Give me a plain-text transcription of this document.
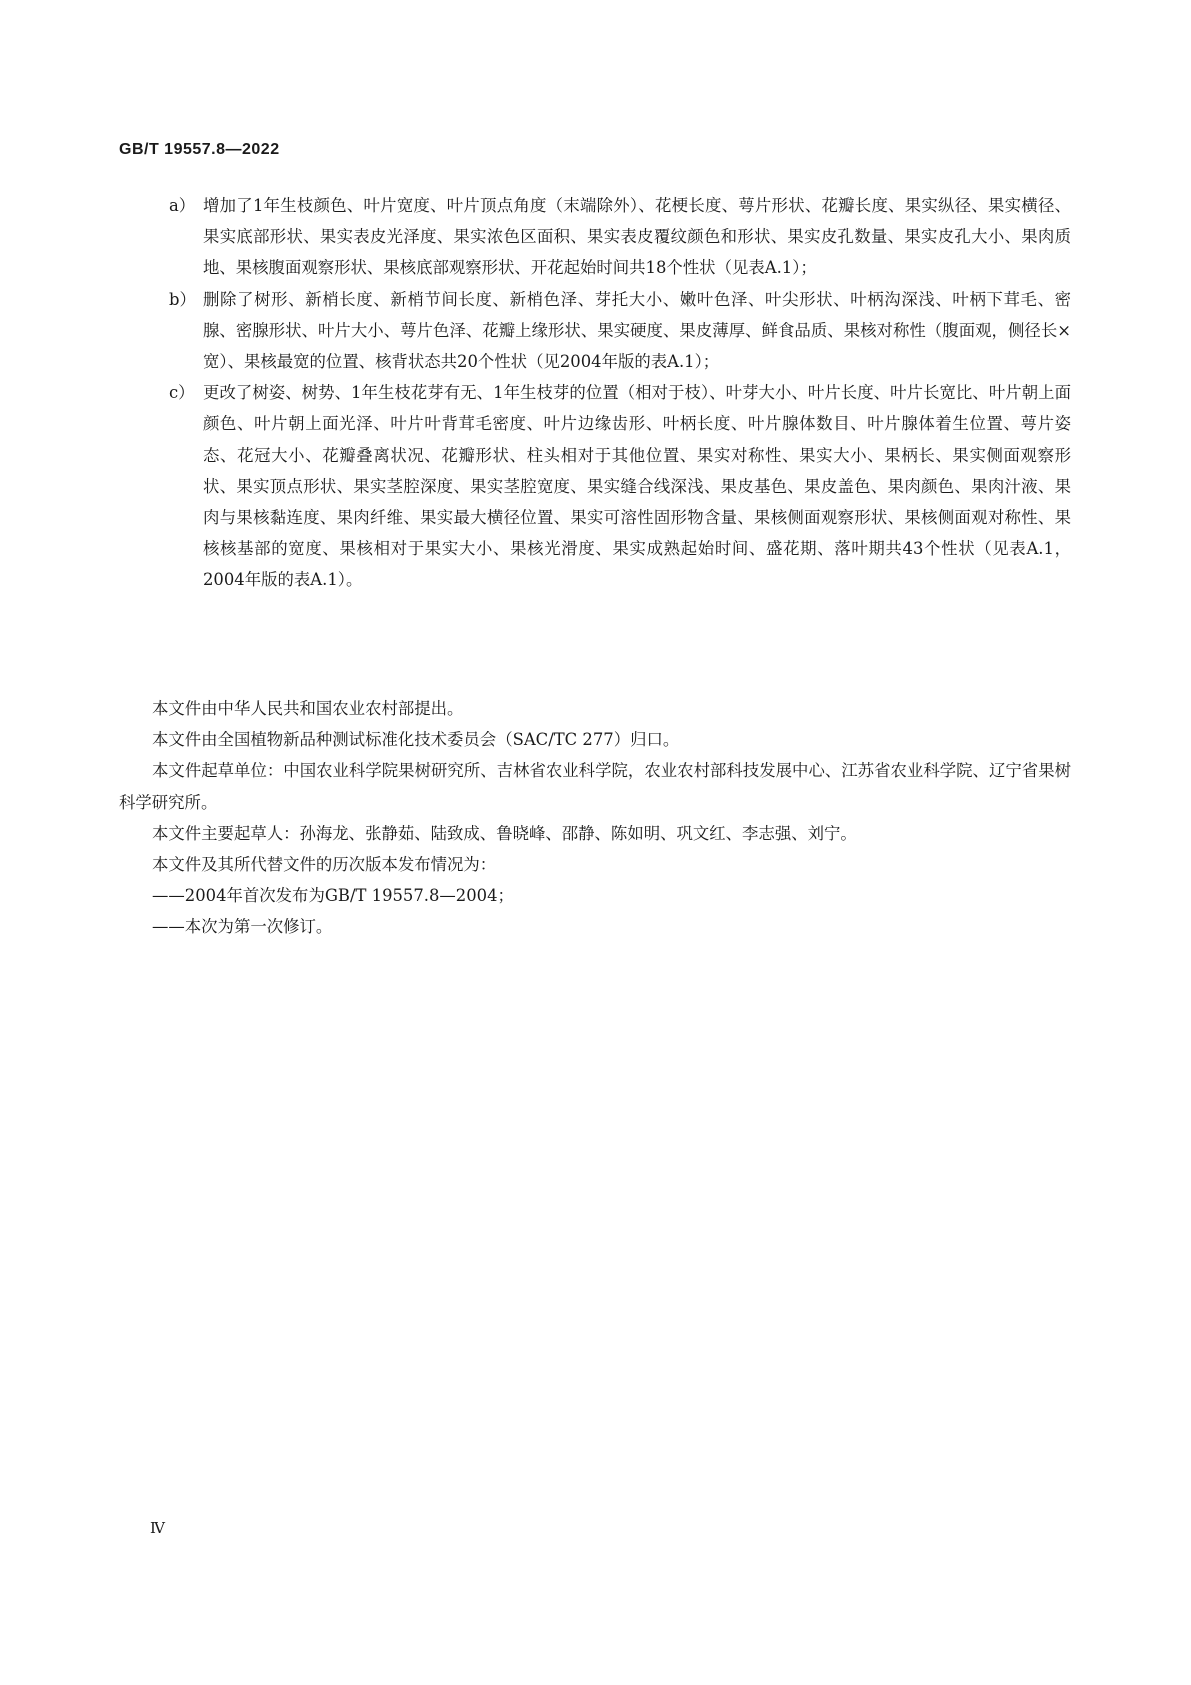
GB/T 19557.8—2022
a） 增加了1年生枝颜色、叶片宽度、叶片顶点角度（末端除外）、花梗长度、萼片形状、花瓣长度、果实纵径、果实横径、果实底部形状、果实表皮光泽度、果实浓色区面积、果实表皮覆纹颜色和形状、果实皮孔数量、果实皮孔大小、果肉质地、果核腹面观察形状、果核底部观察形状、开花起始时间共18个性状（见表A.1）；
b） 删除了树形、新梢长度、新梢节间长度、新梢色泽、芽托大小、嫩叶色泽、叶尖形状、叶柄沟深浅、叶柄下茸毛、密腺、密腺形状、叶片大小、萼片色泽、花瓣上缘形状、果实硬度、果皮薄厚、鲜食品质、果核对称性（腹面观，侧径长×宽）、果核最宽的位置、核背状态共20个性状（见2004年版的表A.1）；
c） 更改了树姿、树势、1年生枝花芽有无、1年生枝芽的位置（相对于枝）、叶芽大小、叶片长度、叶片长宽比、叶片朝上面颜色、叶片朝上面光泽、叶片叶背茸毛密度、叶片边缘齿形、叶柄长度、叶片腺体数目、叶片腺体着生位置、萼片姿态、花冠大小、花瓣叠离状况、花瓣形状、柱头相对于其他位置、果实对称性、果实大小、果柄长、果实侧面观察形状、果实顶点形状、果实茎腔深度、果实茎腔宽度、果实缝合线深浅、果皮基色、果皮盖色、果肉颜色、果肉汁液、果肉与果核黏连度、果肉纤维、果实最大横径位置、果实可溶性固形物含量、果核侧面观察形状、果核侧面观对称性、果核核基部的宽度、果核相对于果实大小、果核光滑度、果实成熟起始时间、盛花期、落叶期共43个性状（见表A.1，2004年版的表A.1）。

本文件由中华人民共和国农业农村部提出。

本文件由全国植物新品种测试标准化技术委员会（SAC/TC 277）归口。

本文件起草单位：中国农业科学院果树研究所、吉林省农业科学院，农业农村部科技发展中心、江苏省农业科学院、辽宁省果树科学研究所。

本文件主要起草人：孙海龙、张静茹、陆致成、鲁晓峰、邵静、陈如明、巩文红、李志强、刘宁。

本文件及其所代替文件的历次版本发布情况为：

——2004年首次发布为GB/T 19557.8—2004；

——本次为第一次修订。

Ⅳ
